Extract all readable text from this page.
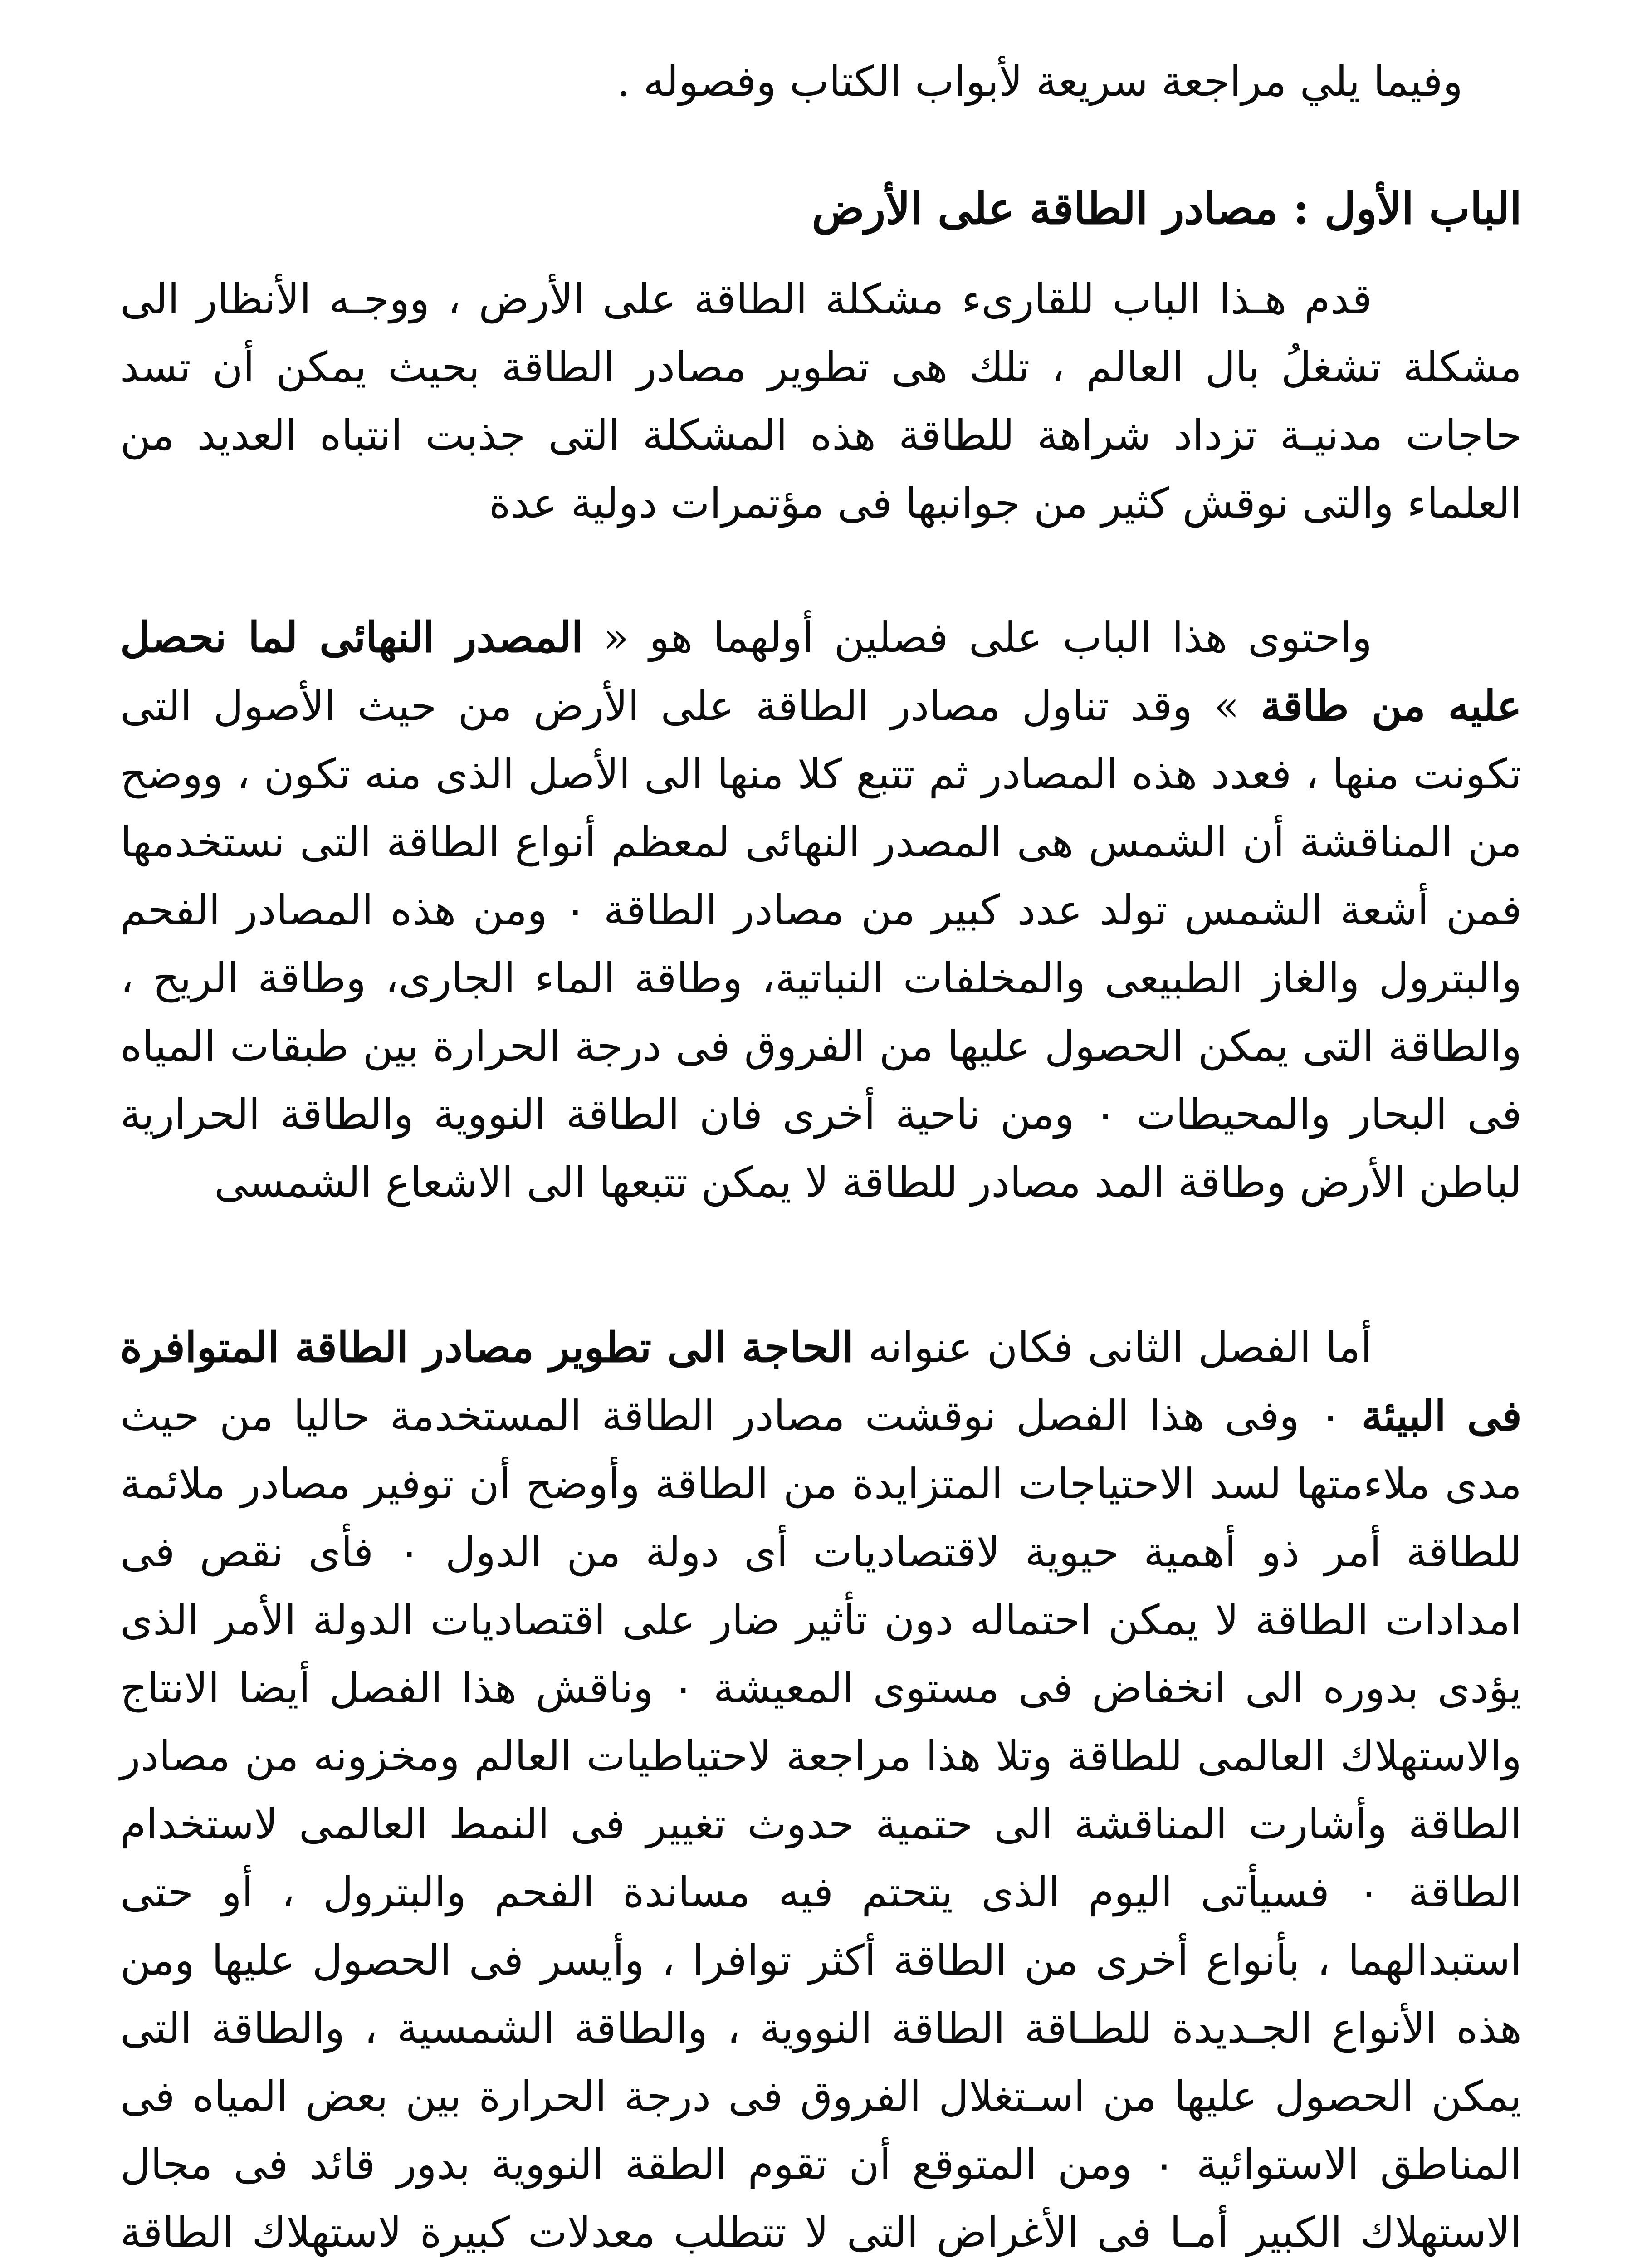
وفيما يلي مراجعة سريعة لأبواب الكتاب وفصوله .
الباب الأول : مصادر الطاقة على الأرض

قدم هـذا الباب للقارىء مشكلة الطاقة على الأرض ، ووجـه الأنظار الى مشكلة تشغلُ بال العالم ، تلك هى تطوير مصادر الطاقة بحيث يمكن أن تسد حاجات مدنيـة تزداد شراهة للطاقة هذه المشكلة التى جذبت انتباه العديد من العلماء والتى نوقش كثير من جوانبها فى مؤتمرات دولية عدة

واحتوى هذا الباب على فصلين أولهما هو « المصدر النهائى لما نحصل عليه من طاقة » وقد تناول مصادر الطاقة على الأرض من حيث الأصول التى تكونت منها ، فعدد هذه المصادر ثم تتبع كلا منها الى الأصل الذى منه تكون ، ووضح من المناقشة أن الشمس هى المصدر النهائى لمعظم أنواع الطاقة التى نستخدمها فمن أشعة الشمس تولد عدد كبير من مصادر الطاقة ٠ ومن هذه المصادر الفحم والبترول والغاز الطبيعى والمخلفات النباتية، وطاقة الماء الجارى، وطاقة الريح ، والطاقة التى يمكن الحصول عليها من الفروق فى درجة الحرارة بين طبقات المياه فى البحار والمحيطات ٠ ومن ناحية أخرى فان الطاقة النووية والطاقة الحرارية لباطن الأرض وطاقة المد مصادر للطاقة لا يمكن تتبعها الى الاشعاع الشمسى

أما الفصل الثانى فكان عنوانه الحاجة الى تطوير مصادر الطاقة المتوافرة فى البيئة ٠ وفى هذا الفصل نوقشت مصادر الطاقة المستخدمة حاليا من حيث مدى ملاءمتها لسد الاحتياجات المتزايدة من الطاقة وأوضح أن توفير مصادر ملائمة للطاقة أمر ذو أهمية حيوية لاقتصاديات أى دولة من الدول ٠ فأى نقص فى امدادات الطاقة لا يمكن احتماله دون تأثير ضار على اقتصاديات الدولة الأمر الذى يؤدى بدوره الى انخفاض فى مستوى المعيشة ٠ وناقش هذا الفصل أيضا الانتاج والاستهلاك العالمى للطاقة وتلا هذا مراجعة لاحتياطيات العالم ومخزونه من مصادر الطاقة وأشارت المناقشة الى حتمية حدوث تغيير فى النمط العالمى لاستخدام الطاقة ٠ فسيأتى اليوم الذى يتحتم فيه مساندة الفحم والبترول ، أو حتى استبدالهما ، بأنواع أخرى من الطاقة أكثر توافرا ، وأيسر فى الحصول عليها ومن هذه الأنواع الجـديدة للطـاقة الطاقة النووية ، والطاقة الشمسية ، والطاقة التى يمكن الحصول عليها من اسـتغلال الفروق فى درجة الحرارة بين بعض المياه فى المناطق الاستوائية ٠ ومن المتوقع أن تقوم الطقة النووية بدور قائد فى مجال الاستهلاك الكبير أمـا فى الأغراض التى لا تتطلب معدلات كبيرة لاستهلاك الطاقة
